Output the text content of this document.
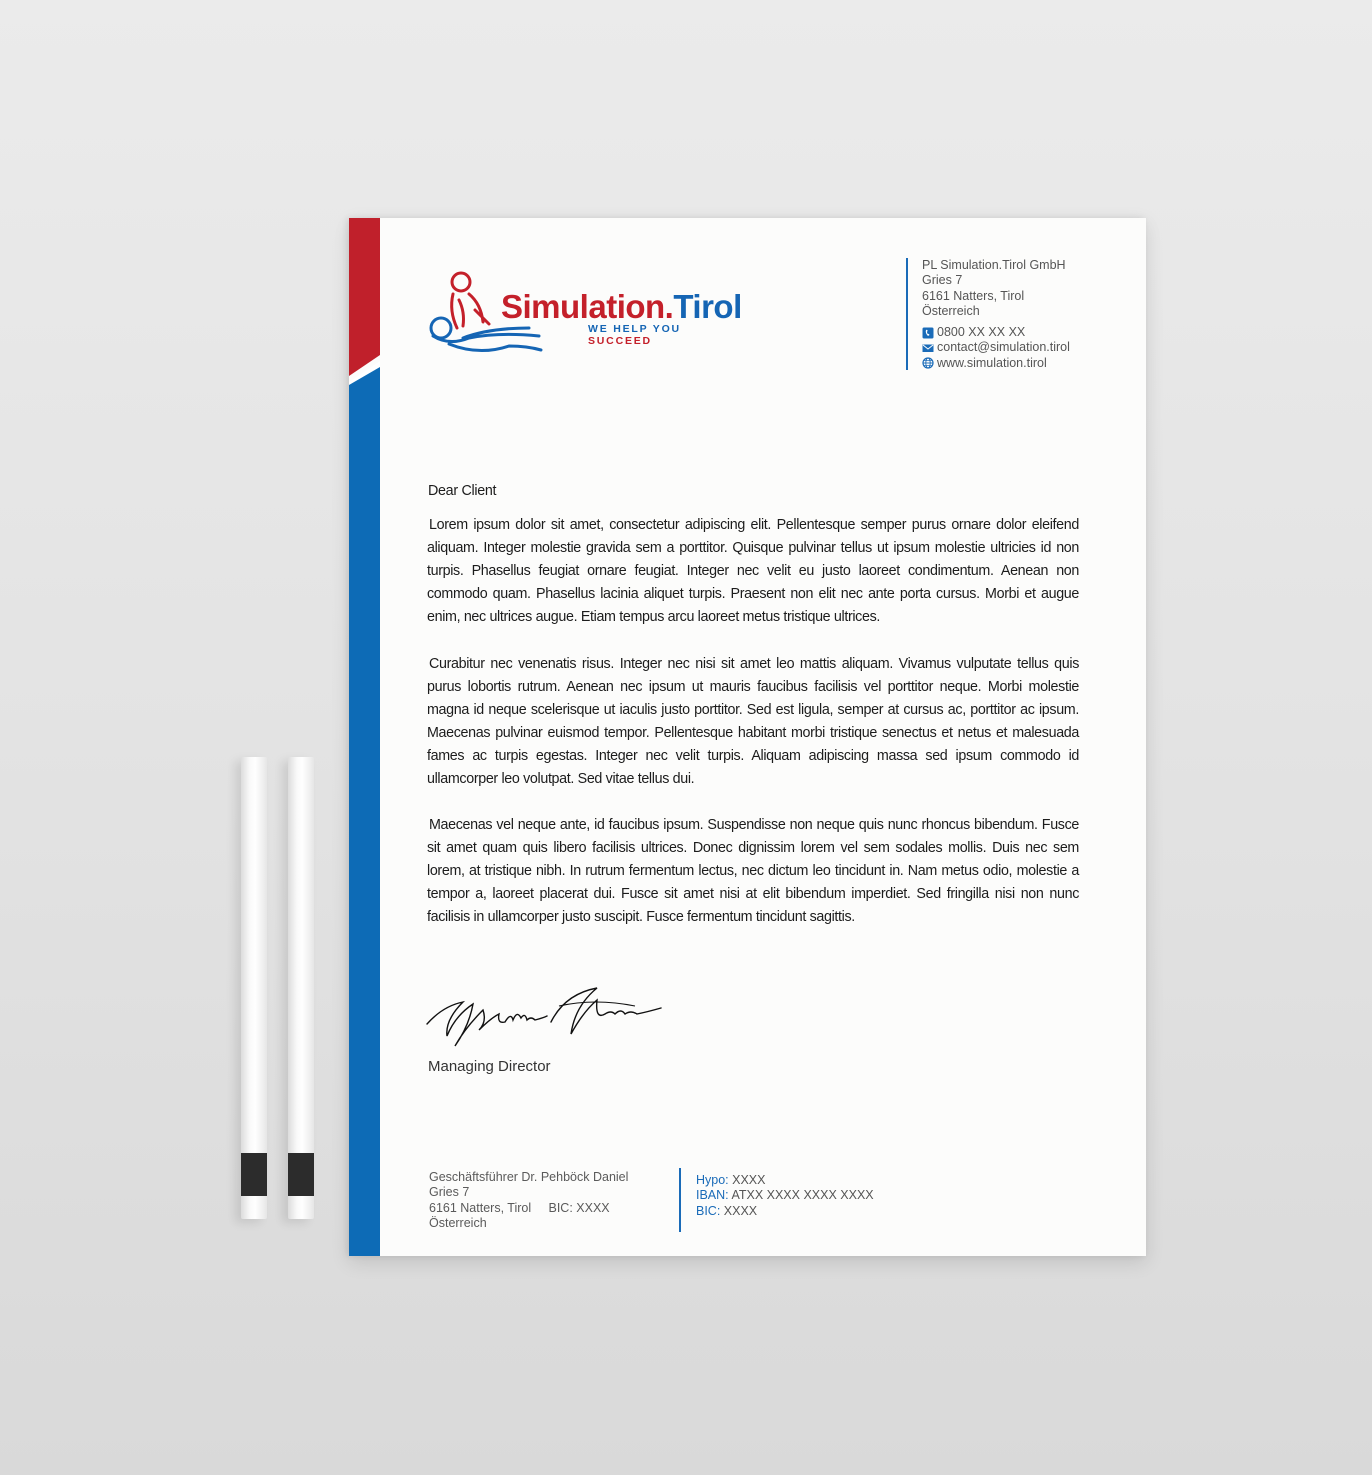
Simulation.Tirol
WE HELP YOU SUCCEED
PL Simulation.Tirol GmbH
Gries 7
6161 Natters, Tirol
Österreich
0800 XX XX XX
contact@simulation.tirol
www.simulation.tirol
Dear Client

Lorem ipsum dolor sit amet, consectetur adipiscing elit. Pellentesque semper purus ornare dolor eleifend aliquam. Integer molestie gravida sem a porttitor. Quisque pulvinar tellus ut ipsum molestie ultricies id non turpis. Phasellus feugiat ornare feugiat. Integer nec velit eu justo laoreet condimentum. Aenean non commodo quam. Phasellus lacinia aliquet turpis. Praesent non elit nec ante porta cursus. Morbi et augue enim, nec ultrices augue. Etiam tempus arcu laoreet metus tristique ultrices.

Curabitur nec venenatis risus. Integer nec nisi sit amet leo mattis aliquam. Vivamus vulputate tellus quis purus lobortis rutrum. Aenean nec ipsum ut mauris faucibus facilisis vel porttitor neque. Morbi molestie magna id neque scelerisque ut iaculis justo porttitor. Sed est ligula, semper at cursus ac, porttitor ac ipsum. Maecenas pulvinar euismod tempor. Pellentesque habitant morbi tristique senectus et netus et malesuada fames ac turpis egestas. Integer nec velit turpis. Aliquam adipiscing massa sed ipsum commodo id ullamcorper leo volutpat. Sed vitae tellus dui.

Maecenas vel neque ante, id faucibus ipsum. Suspendisse non neque quis nunc rhoncus bibendum. Fusce sit amet quam quis libero facilisis ultrices. Donec dignissim lorem vel sem sodales mollis. Duis nec sem lorem, at tristique nibh. In rutrum fermentum lectus, nec dictum leo tincidunt in. Nam metus odio, molestie a tempor a, laoreet placerat dui. Fusce sit amet nisi at elit bibendum imperdiet. Sed fringilla nisi non nunc facilisis in ullamcorper justo suscipit. Fusce fermentum tincidunt sagittis.

Managing Director
Geschäftsführer Dr. Pehböck Daniel
Gries 7
6161 Natters, Tirol     BIC: XXXX
Österreich
Hypo: XXXX
IBAN: ATXX XXXX XXXX XXXX
BIC: XXXX
